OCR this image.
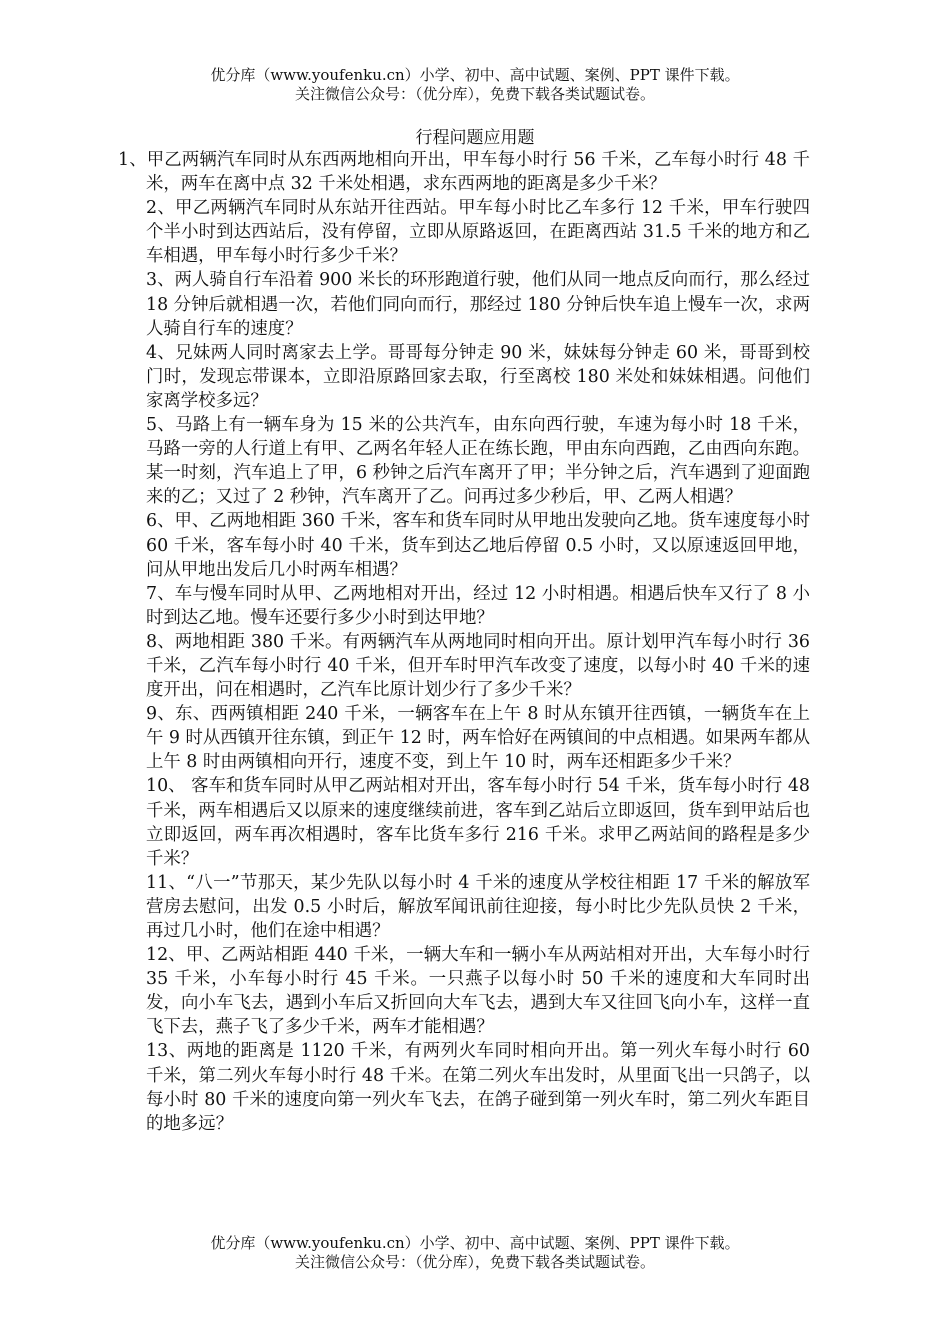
优分库（www.youfenku.cn）小学、初中、高中试题、案例、PPT 课件下载。
关注微信公众号：（优分库），免费下载各类试题试卷。
行程问题应用题

1、甲乙两辆汽车同时从东西两地相向开出，甲车每小时行 56 千米，乙车每小时行 48 千米，两车在离中点 32 千米处相遇，求东西两地的距离是多少千米？

2、甲乙两辆汽车同时从东站开往西站。甲车每小时比乙车多行 12 千米，甲车行驶四个半小时到达西站后，没有停留，立即从原路返回，在距离西站 31.5 千米的地方和乙车相遇，甲车每小时行多少千米？

3、两人骑自行车沿着 900 米长的环形跑道行驶，他们从同一地点反向而行，那么经过 18 分钟后就相遇一次，若他们同向而行，那经过 180 分钟后快车追上慢车一次，求两人骑自行车的速度？

4、兄妹两人同时离家去上学。哥哥每分钟走 90 米，妹妹每分钟走 60 米，哥哥到校门时，发现忘带课本，立即沿原路回家去取，行至离校 180 米处和妹妹相遇。问他们家离学校多远？

5、马路上有一辆车身为 15 米的公共汽车，由东向西行驶，车速为每小时 18 千米，马路一旁的人行道上有甲、乙两名年轻人正在练长跑，甲由东向西跑，乙由西向东跑。某一时刻，汽车追上了甲，6 秒钟之后汽车离开了甲；半分钟之后，汽车遇到了迎面跑来的乙；又过了 2 秒钟，汽车离开了乙。问再过多少秒后，甲、乙两人相遇？

6、甲、乙两地相距 360 千米，客车和货车同时从甲地出发驶向乙地。货车速度每小时 60 千米，客车每小时 40 千米，货车到达乙地后停留 0.5 小时，又以原速返回甲地，问从甲地出发后几小时两车相遇？

7、车与慢车同时从甲、乙两地相对开出，经过 12 小时相遇。相遇后快车又行了 8 小时到达乙地。慢车还要行多少小时到达甲地？

8、两地相距 380 千米。有两辆汽车从两地同时相向开出。原计划甲汽车每小时行 36 千米，乙汽车每小时行 40 千米，但开车时甲汽车改变了速度，以每小时 40 千米的速度开出，问在相遇时，乙汽车比原计划少行了多少千米？

9、东、西两镇相距 240 千米，一辆客车在上午 8 时从东镇开往西镇，一辆货车在上午 9 时从西镇开往东镇，到正午 12 时，两车恰好在两镇间的中点相遇。如果两车都从上午 8 时由两镇相向开行，速度不变，到上午 10 时，两车还相距多少千米？

10、 客车和货车同时从甲乙两站相对开出，客车每小时行 54 千米，货车每小时行 48 千米，两车相遇后又以原来的速度继续前进，客车到乙站后立即返回，货车到甲站后也立即返回，两车再次相遇时，客车比货车多行 216 千米。求甲乙两站间的路程是多少千米？

11、“八一”节那天，某少先队以每小时 4 千米的速度从学校往相距 17 千米的解放军营房去慰问，出发 0.5 小时后，解放军闻讯前往迎接，每小时比少先队员快 2 千米，再过几小时，他们在途中相遇？

12、甲、乙两站相距 440 千米，一辆大车和一辆小车从两站相对开出，大车每小时行 35 千米，小车每小时行 45 千米。一只燕子以每小时 50 千米的速度和大车同时出发，向小车飞去，遇到小车后又折回向大车飞去，遇到大车又往回飞向小车，这样一直飞下去，燕子飞了多少千米，两车才能相遇？

13、两地的距离是 1120 千米，有两列火车同时相向开出。第一列火车每小时行 60 千米，第二列火车每小时行 48 千米。在第二列火车出发时，从里面飞出一只鸽子，以每小时 80 千米的速度向第一列火车飞去，在鸽子碰到第一列火车时，第二列火车距目的地多远？

优分库（www.youfenku.cn）小学、初中、高中试题、案例、PPT 课件下载。
关注微信公众号：（优分库），免费下载各类试题试卷。
